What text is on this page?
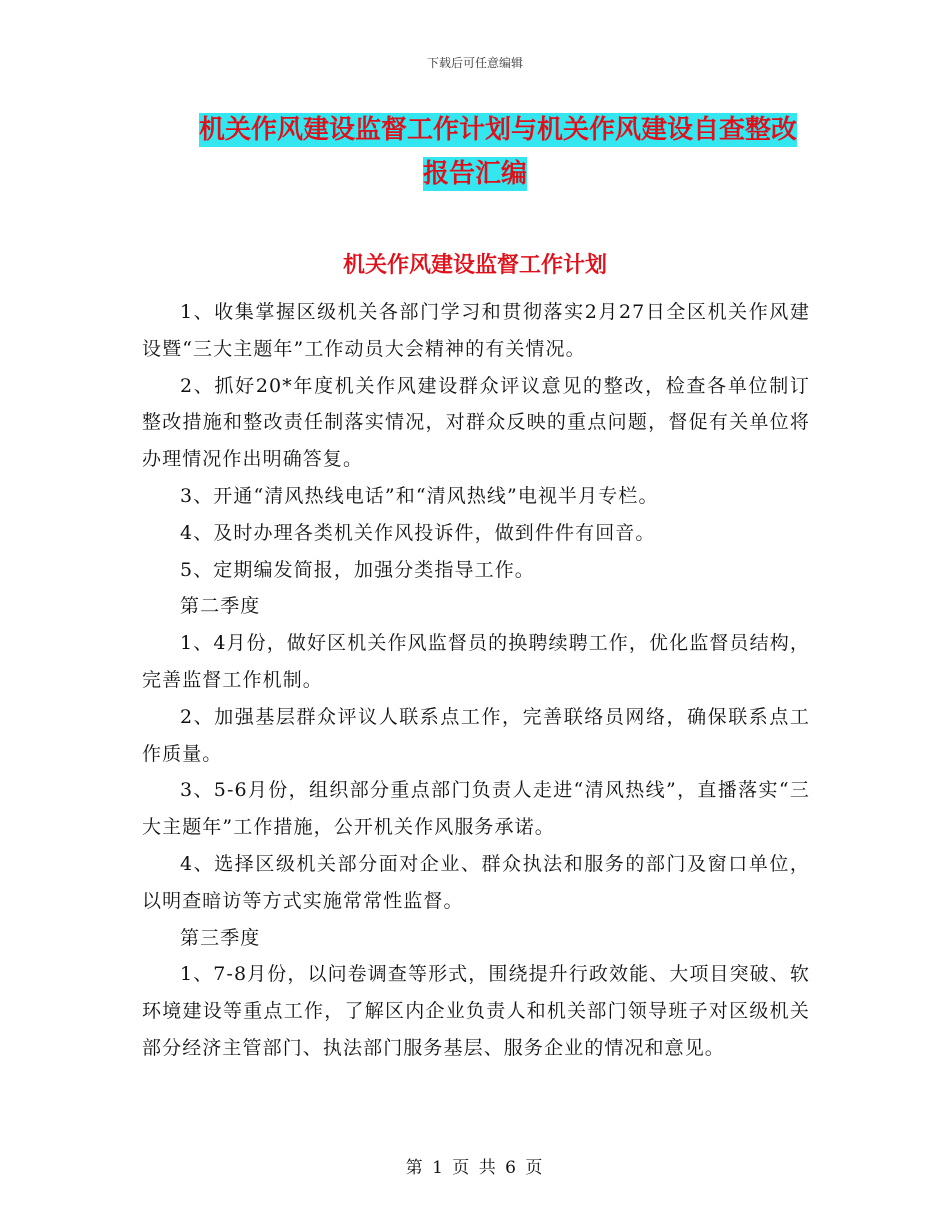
下载后可任意编辑
机关作风建设监督工作计划与机关作风建设自查整改
报告汇编
机关作风建设监督工作计划

1、收集掌握区级机关各部门学习和贯彻落实2月27日全区机关作风建设暨“三大主题年”工作动员大会精神的有关情况。

2、抓好20*年度机关作风建设群众评议意见的整改，检查各单位制订整改措施和整改责任制落实情况，对群众反映的重点问题，督促有关单位将办理情况作出明确答复。

3、开通“清风热线电话”和“清风热线”电视半月专栏。

4、及时办理各类机关作风投诉件，做到件件有回音。

5、定期编发简报，加强分类指导工作。

第二季度

1、4月份，做好区机关作风监督员的换聘续聘工作，优化监督员结构，完善监督工作机制。

2、加强基层群众评议人联系点工作，完善联络员网络，确保联系点工作质量。

3、5-6月份，组织部分重点部门负责人走进“清风热线”，直播落实“三大主题年”工作措施，公开机关作风服务承诺。

4、选择区级机关部分面对企业、群众执法和服务的部门及窗口单位，以明查暗访等方式实施常常性监督。

第三季度

1、7-8月份，以问卷调查等形式，围绕提升行政效能、大项目突破、软环境建设等重点工作，了解区内企业负责人和机关部门领导班子对区级机关部分经济主管部门、执法部门服务基层、服务企业的情况和意见。

第 1 页 共 6 页
